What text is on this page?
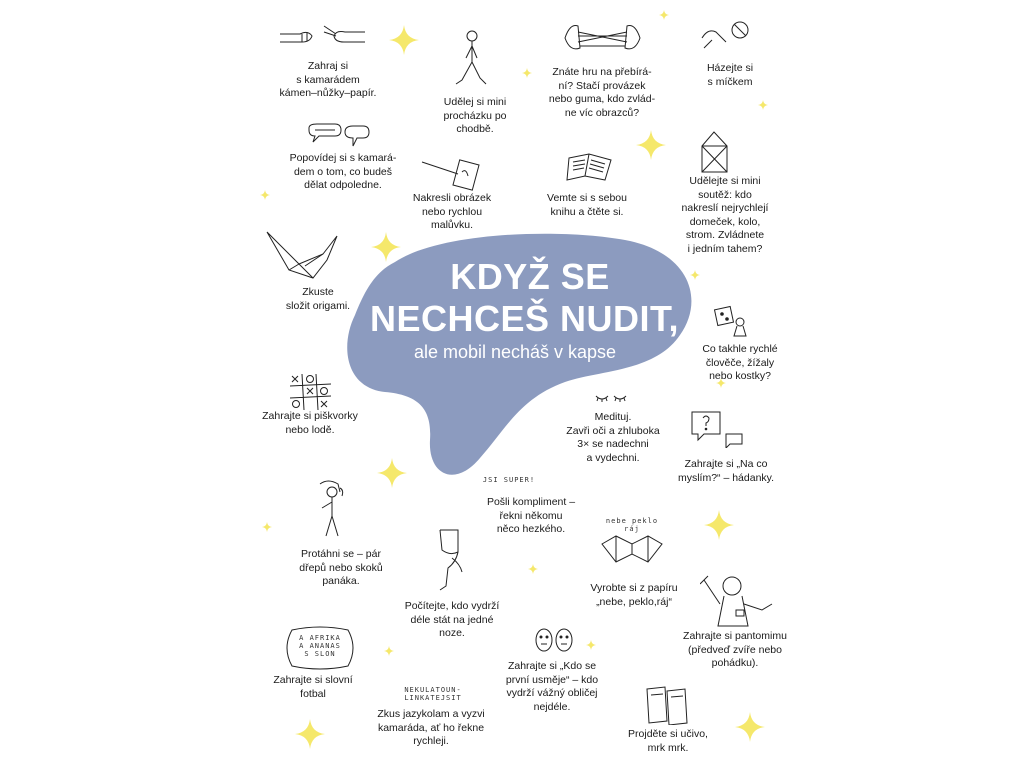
KDYŽ SE
NECHCEŠ NUDIT,
ale mobil necháš v kapse
nebe peklo ráj
A AFRIKA
A ANANAS
S SLON
JSI SUPER!
NEKULATOUN-
LINKATEJSIT
Zahraj si
s kamarádem
kámen–nůžky–papír.
Udělej si mini
procházku po
chodbě.
Znáte hru na přebírá-
ní? Stačí provázek
nebo guma, kdo zvlád-
ne víc obrazců?
Házejte si
s míčkem
Popovídej si s kamará-
dem o tom, co budeš
dělat odpoledne.
Nakresli obrázek
nebo rychlou
malůvku.
Vemte si s sebou
knihu a čtěte si.
Udělejte si mini
soutěž: kdo
nakreslí nejrychlejí
domeček, kolo,
strom. Zvládnete
i jedním tahem?
Zkuste
složit origami.
Co takhle rychlé
člověče, žížaly
nebo kostky?
Zahrajte si piškvorky
nebo lodě.
Medituj.
Zavři oči a zhluboka
3× se nadechni
a vydechni.
Zahrajte si „Na co
myslím?“ – hádanky.
Pošli kompliment –
řekni někomu
něco hezkého.
Protáhni se – pár
dřepů nebo skoků
panáka.
Vyrobte si z papíru
„nebe, peklo,ráj“
Počítejte, kdo vydrží
déle stát na jedné
noze.	Zahrajte si pantomimu
(předveď zvíře nebo
pohádku).
Zahrajte si slovní
fotbal
Zahrajte si „Kdo se
první usměje“ – kdo
vydrží vážný obličej
nejdéle.
Zkus jazykolam a vyzvi
kamaráda, ať ho řekne
rychleji.
Projděte si učivo,
mrk mrk.
